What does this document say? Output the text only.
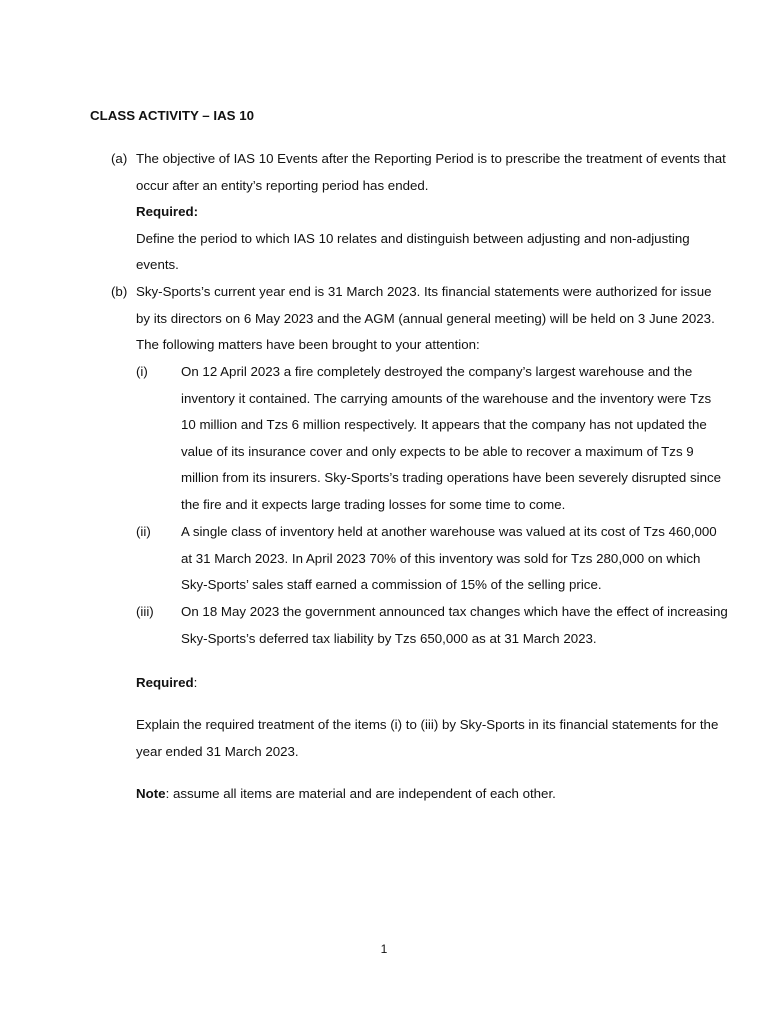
CLASS ACTIVITY – IAS 10
(a) The objective of IAS 10 Events after the Reporting Period is to prescribe the treatment of events that
occur after an entity’s reporting period has ended.
Required:
Define the period to which IAS 10 relates and distinguish between adjusting and non-adjusting
events.
(b) Sky-Sports’s current year end is 31 March 2023. Its financial statements were authorized for issue
by its directors on 6 May 2023 and the AGM (annual general meeting) will be held on 3 June 2023.
The following matters have been brought to your attention:
(i) On 12 April 2023 a fire completely destroyed the company’s largest warehouse and the
inventory it contained. The carrying amounts of the warehouse and the inventory were Tzs
10 million and Tzs 6 million respectively. It appears that the company has not updated the
value of its insurance cover and only expects to be able to recover a maximum of Tzs 9
million from its insurers. Sky-Sports’s trading operations have been severely disrupted since
the fire and it expects large trading losses for some time to come.
(ii) A single class of inventory held at another warehouse was valued at its cost of Tzs 460,000
at 31 March 2023. In April 2023 70% of this inventory was sold for Tzs 280,000 on which
Sky-Sports’ sales staff earned a commission of 15% of the selling price.
(iii) On 18 May 2023 the government announced tax changes which have the effect of increasing
Sky-Sports’s deferred tax liability by Tzs 650,000 as at 31 March 2023.
Required:
Explain the required treatment of the items (i) to (iii) by Sky-Sports in its financial statements for the
year ended 31 March 2023.
Note: assume all items are material and are independent of each other.
1
